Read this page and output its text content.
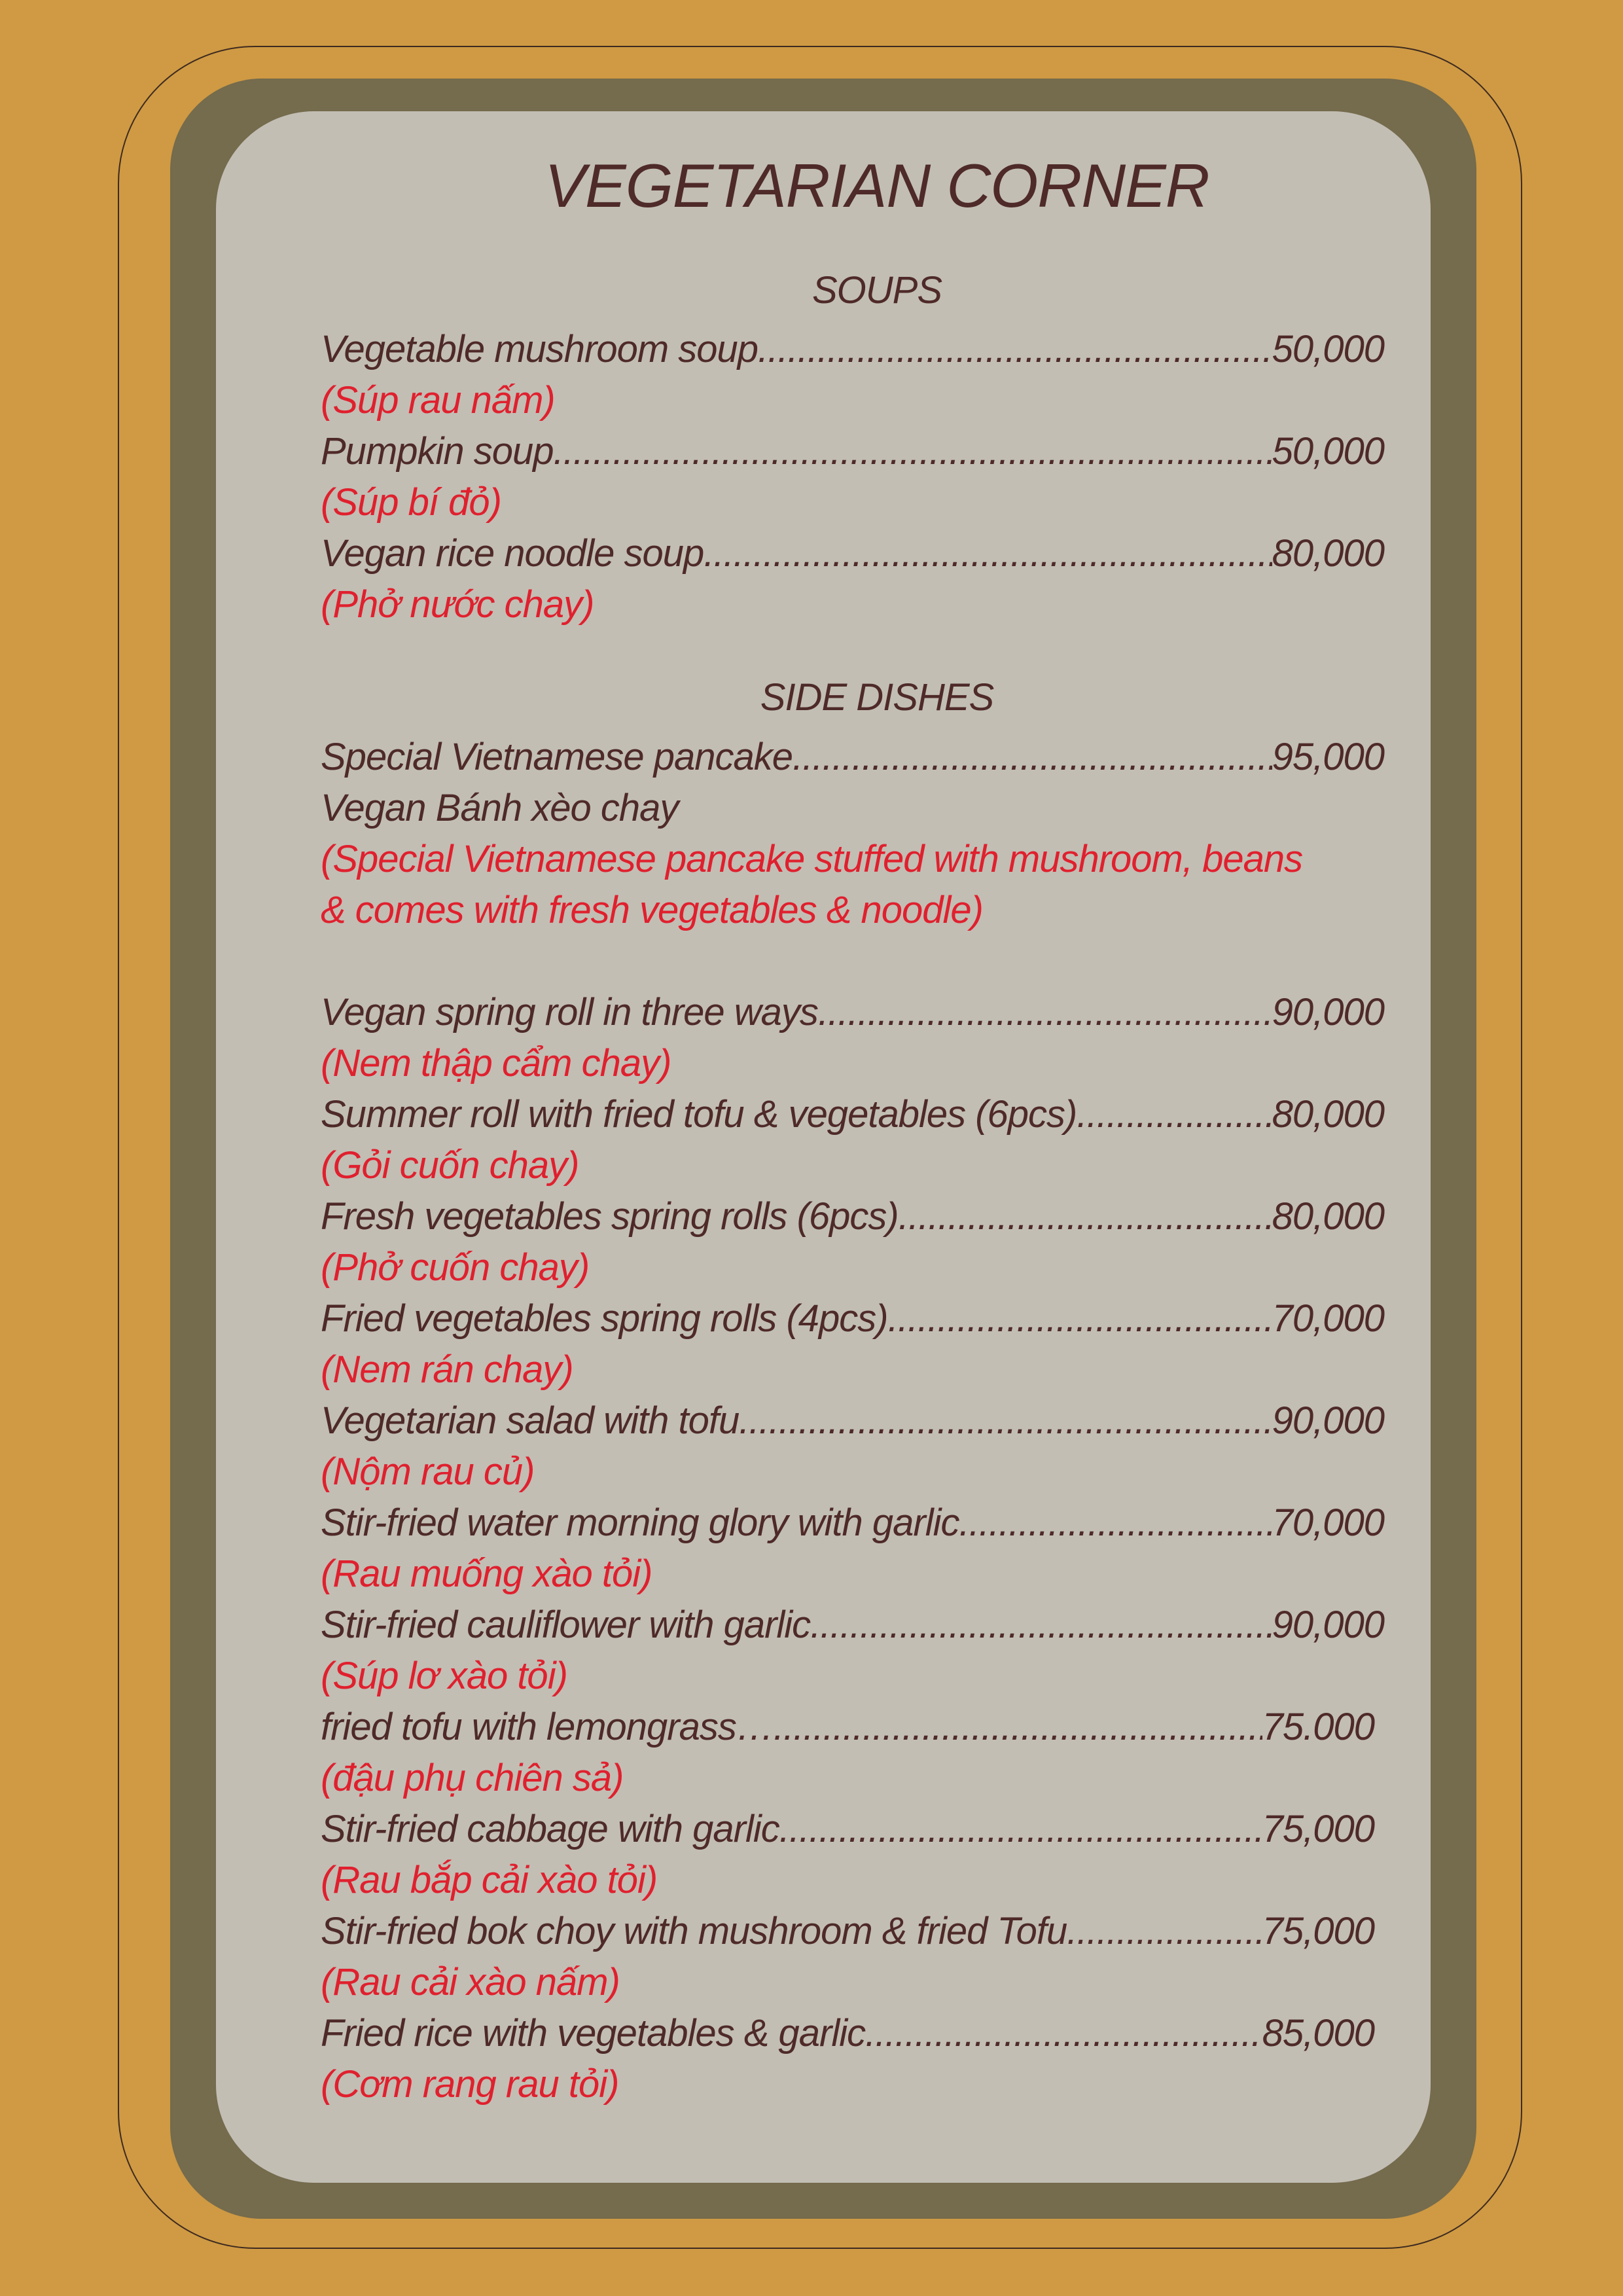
VEGETARIAN CORNER
SOUPS
Vegetable mushroom soup .....	50,000
(Súp rau nấm)
Pumpkin soup .....	50,000
(Súp bí đỏ)
Vegan rice noodle soup .....	80,000
(Phở nước chay)
SIDE DISHES
Special Vietnamese pancake .....	95,000
Vegan Bánh xèo chay
(Special Vietnamese pancake stuffed with mushroom, beans
& comes with fresh vegetables & noodle)
Vegan spring roll in three ways .....	90,000
(Nem thập cẩm chay)
Summer roll with fried tofu & vegetables (6pcs) .....	80,000
(Gỏi cuốn chay)
Fresh vegetables spring rolls (6pcs) .....	80,000
(Phở cuốn chay)
Fried vegetables spring rolls (4pcs) .....	70,000
(Nem rán chay)
Vegetarian salad with tofu .....	90,000
(Nộm rau củ)
Stir-fried water morning glory with garlic .....	70,000
(Rau muống xào tỏi)
Stir-fried cauliflower with garlic .....	90,000
(Súp lơ xào tỏi)
fried tofu with lemongrass… .....	75.000
(đậu phụ chiên sả)
Stir-fried cabbage with garlic .....	75,000
(Rau bắp cải xào tỏi)
Stir-fried bok choy with mushroom & fried Tofu .....	75,000
(Rau cải xào nấm)
Fried rice with vegetables & garlic .....	85,000
(Cơm rang rau tỏi)
